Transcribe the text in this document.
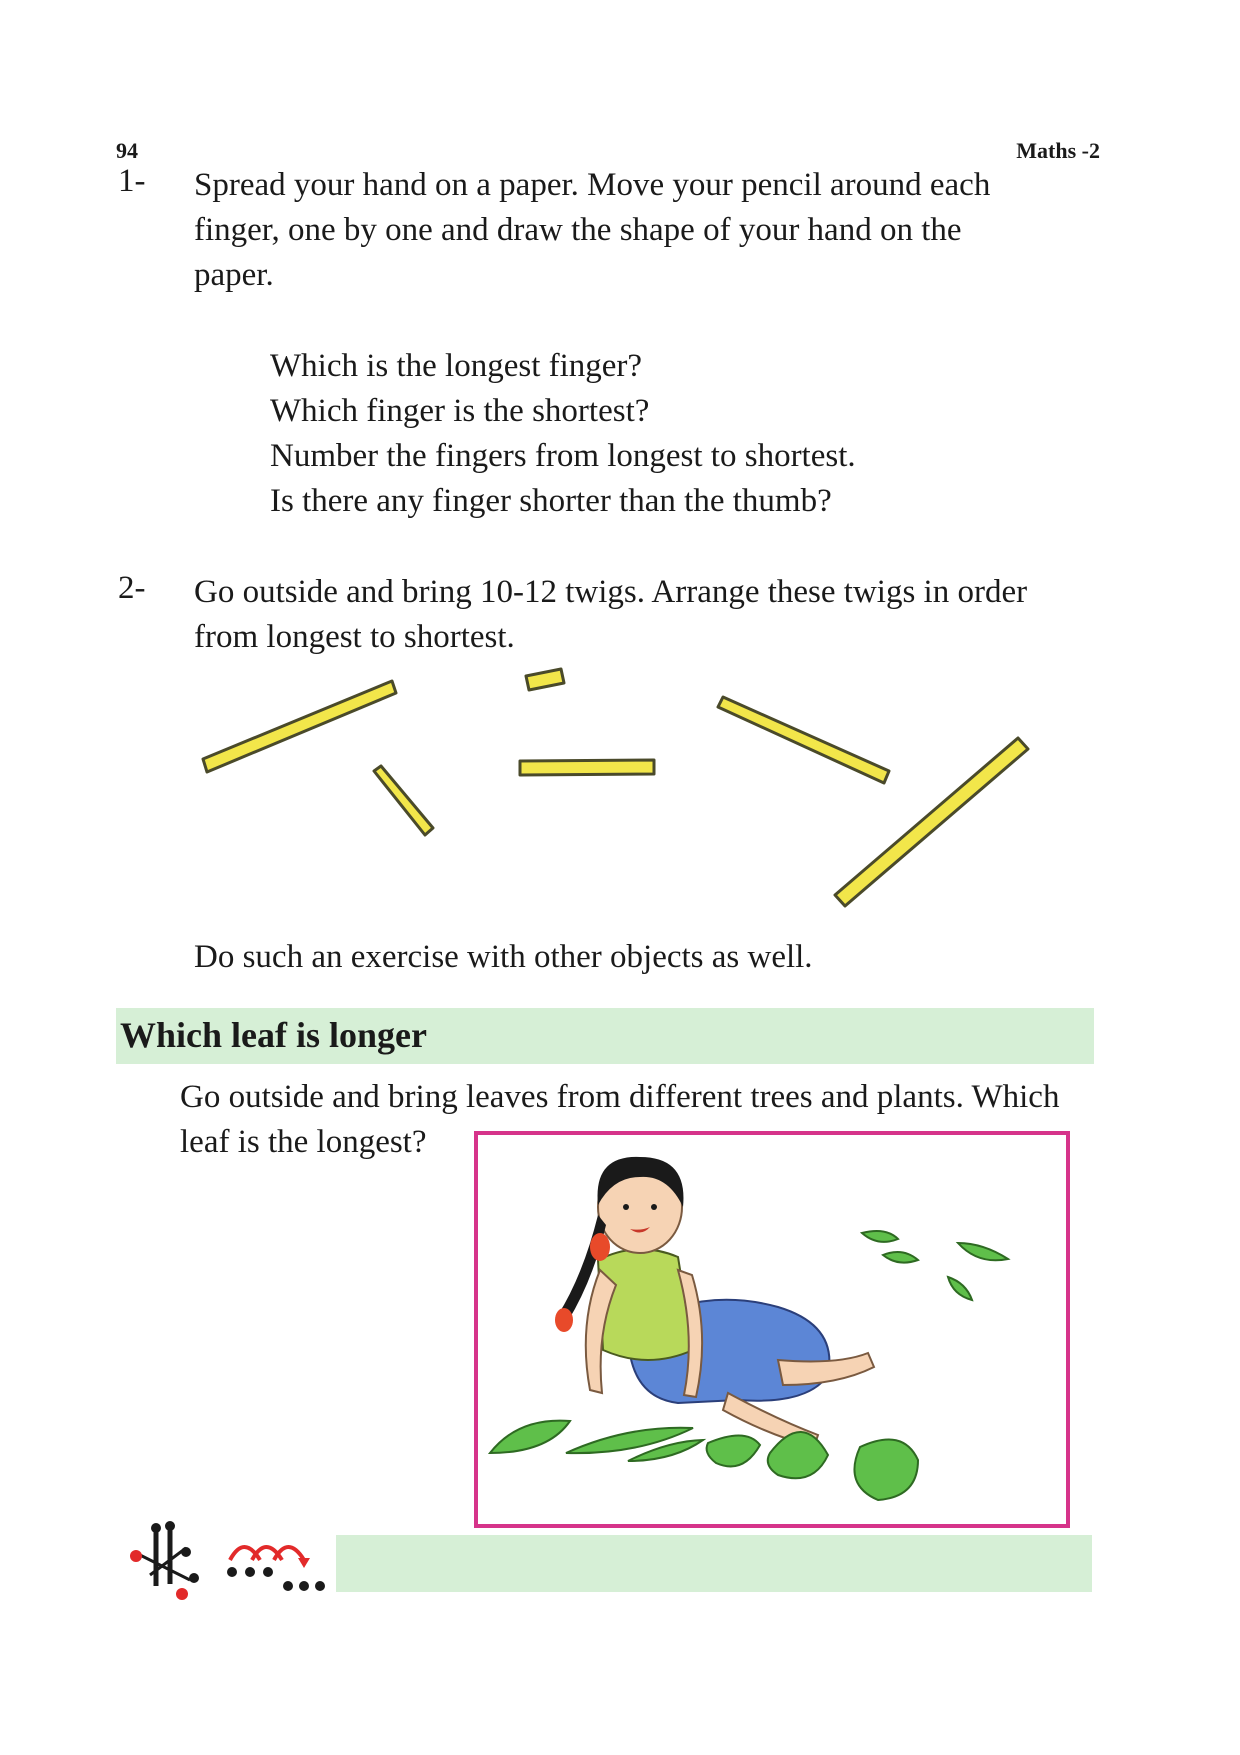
94	Maths -2
1- Spread your hand on a paper. Move your pencil around each
finger, one by one and draw the shape of your hand on the
paper.
Which is the longest finger?
Which finger is the shortest?
Number the fingers from longest to shortest.
Is there any finger shorter than the thumb?
2- Go outside and bring 10-12 twigs. Arrange these twigs in order
from longest to shortest.
Do such an exercise with other objects as well.
Which leaf is longer
Go outside and bring leaves from different trees and plants. Which
leaf is the longest?
